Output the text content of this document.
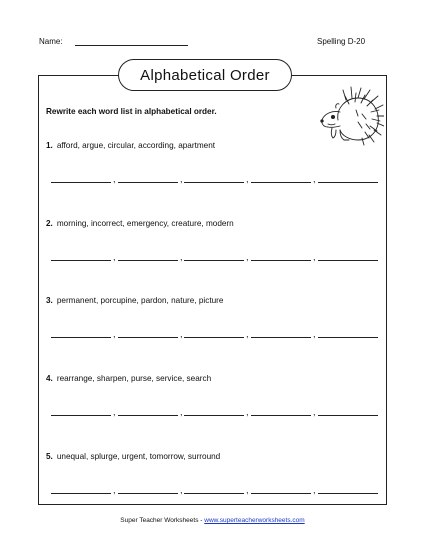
Name:	Spelling D-20
Alphabetical Order
Rewrite each word list in alphabetical order.
1. afford, argue, circular, according, apartment
,	,	,	,
2. morning, incorrect, emergency, creature, modern
,	,	,	,
3. permanent, porcupine, pardon, nature, picture
,	,	,	,
4. rearrange, sharpen, purse, service, search
,	,	,	,
5. unequal, splurge, urgent, tomorrow, surround
,	,	,	,
Super Teacher Worksheets - www.superteacherworksheets.com
